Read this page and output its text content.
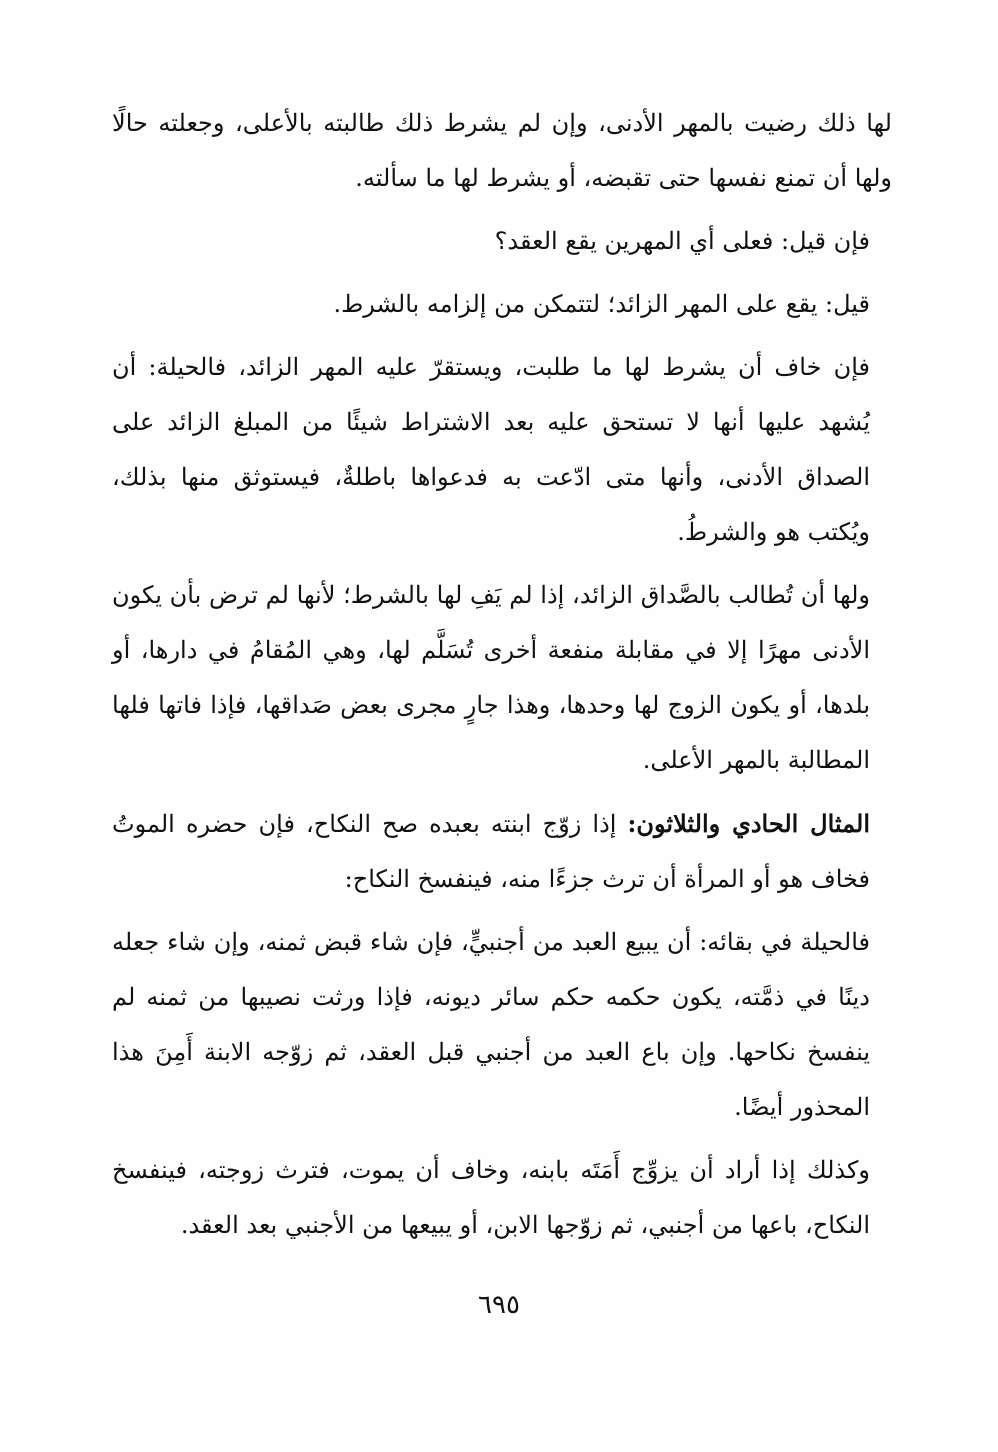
لها ذلك رضيت بالمهر الأدنى، وإن لم يشرط ذلك طالبته بالأعلى، وجعلته حالًا ولها أن تمنع نفسها حتى تقبضه، أو يشرط لها ما سألته.

فإن قيل: فعلى أي المهرين يقع العقد؟

قيل: يقع على المهر الزائد؛ لتتمكن من إلزامه بالشرط.

فإن خاف أن يشرط لها ما طلبت، ويستقرّ عليه المهر الزائد، فالحيلة: أن يُشهد عليها أنها لا تستحق عليه بعد الاشتراط شيئًا من المبلغ الزائد على الصداق الأدنى، وأنها متى ادّعت به فدعواها باطلةٌ، فيستوثق منها بذلك، ويُكتب هو والشرطُ.

ولها أن تُطالب بالصَّداق الزائد، إذا لم يَفِ لها بالشرط؛ لأنها لم ترض بأن يكون الأدنى مهرًا إلا في مقابلة منفعة أخرى تُسَلَّم لها، وهي المُقامُ في دارها، أو بلدها، أو يكون الزوج لها وحدها، وهذا جارٍ مجرى بعض صَداقها، فإذا فاتها فلها المطالبة بالمهر الأعلى.

المثال الحادي والثلاثون: إذا زوّج ابنته بعبده صح النكاح، فإن حضره الموتُ فخاف هو أو المرأة أن ترث جزءًا منه، فينفسخ النكاح:

فالحيلة في بقائه: أن يبيع العبد من أجنبيٍّ، فإن شاء قبض ثمنه، وإن شاء جعله دينًا في ذمَّته، يكون حكمه حكم سائر ديونه، فإذا ورثت نصيبها من ثمنه لم ينفسخ نكاحها. وإن باع العبد من أجنبي قبل العقد، ثم زوّجه الابنة أَمِنَ هذا المحذور أيضًا.

وكذلك إذا أراد أن يزوِّج أَمَتَه بابنه، وخاف أن يموت، فترث زوجته، فينفسخ النكاح، باعها من أجنبي، ثم زوّجها الابن، أو يبيعها من الأجنبي بعد العقد.

٦٩٥
